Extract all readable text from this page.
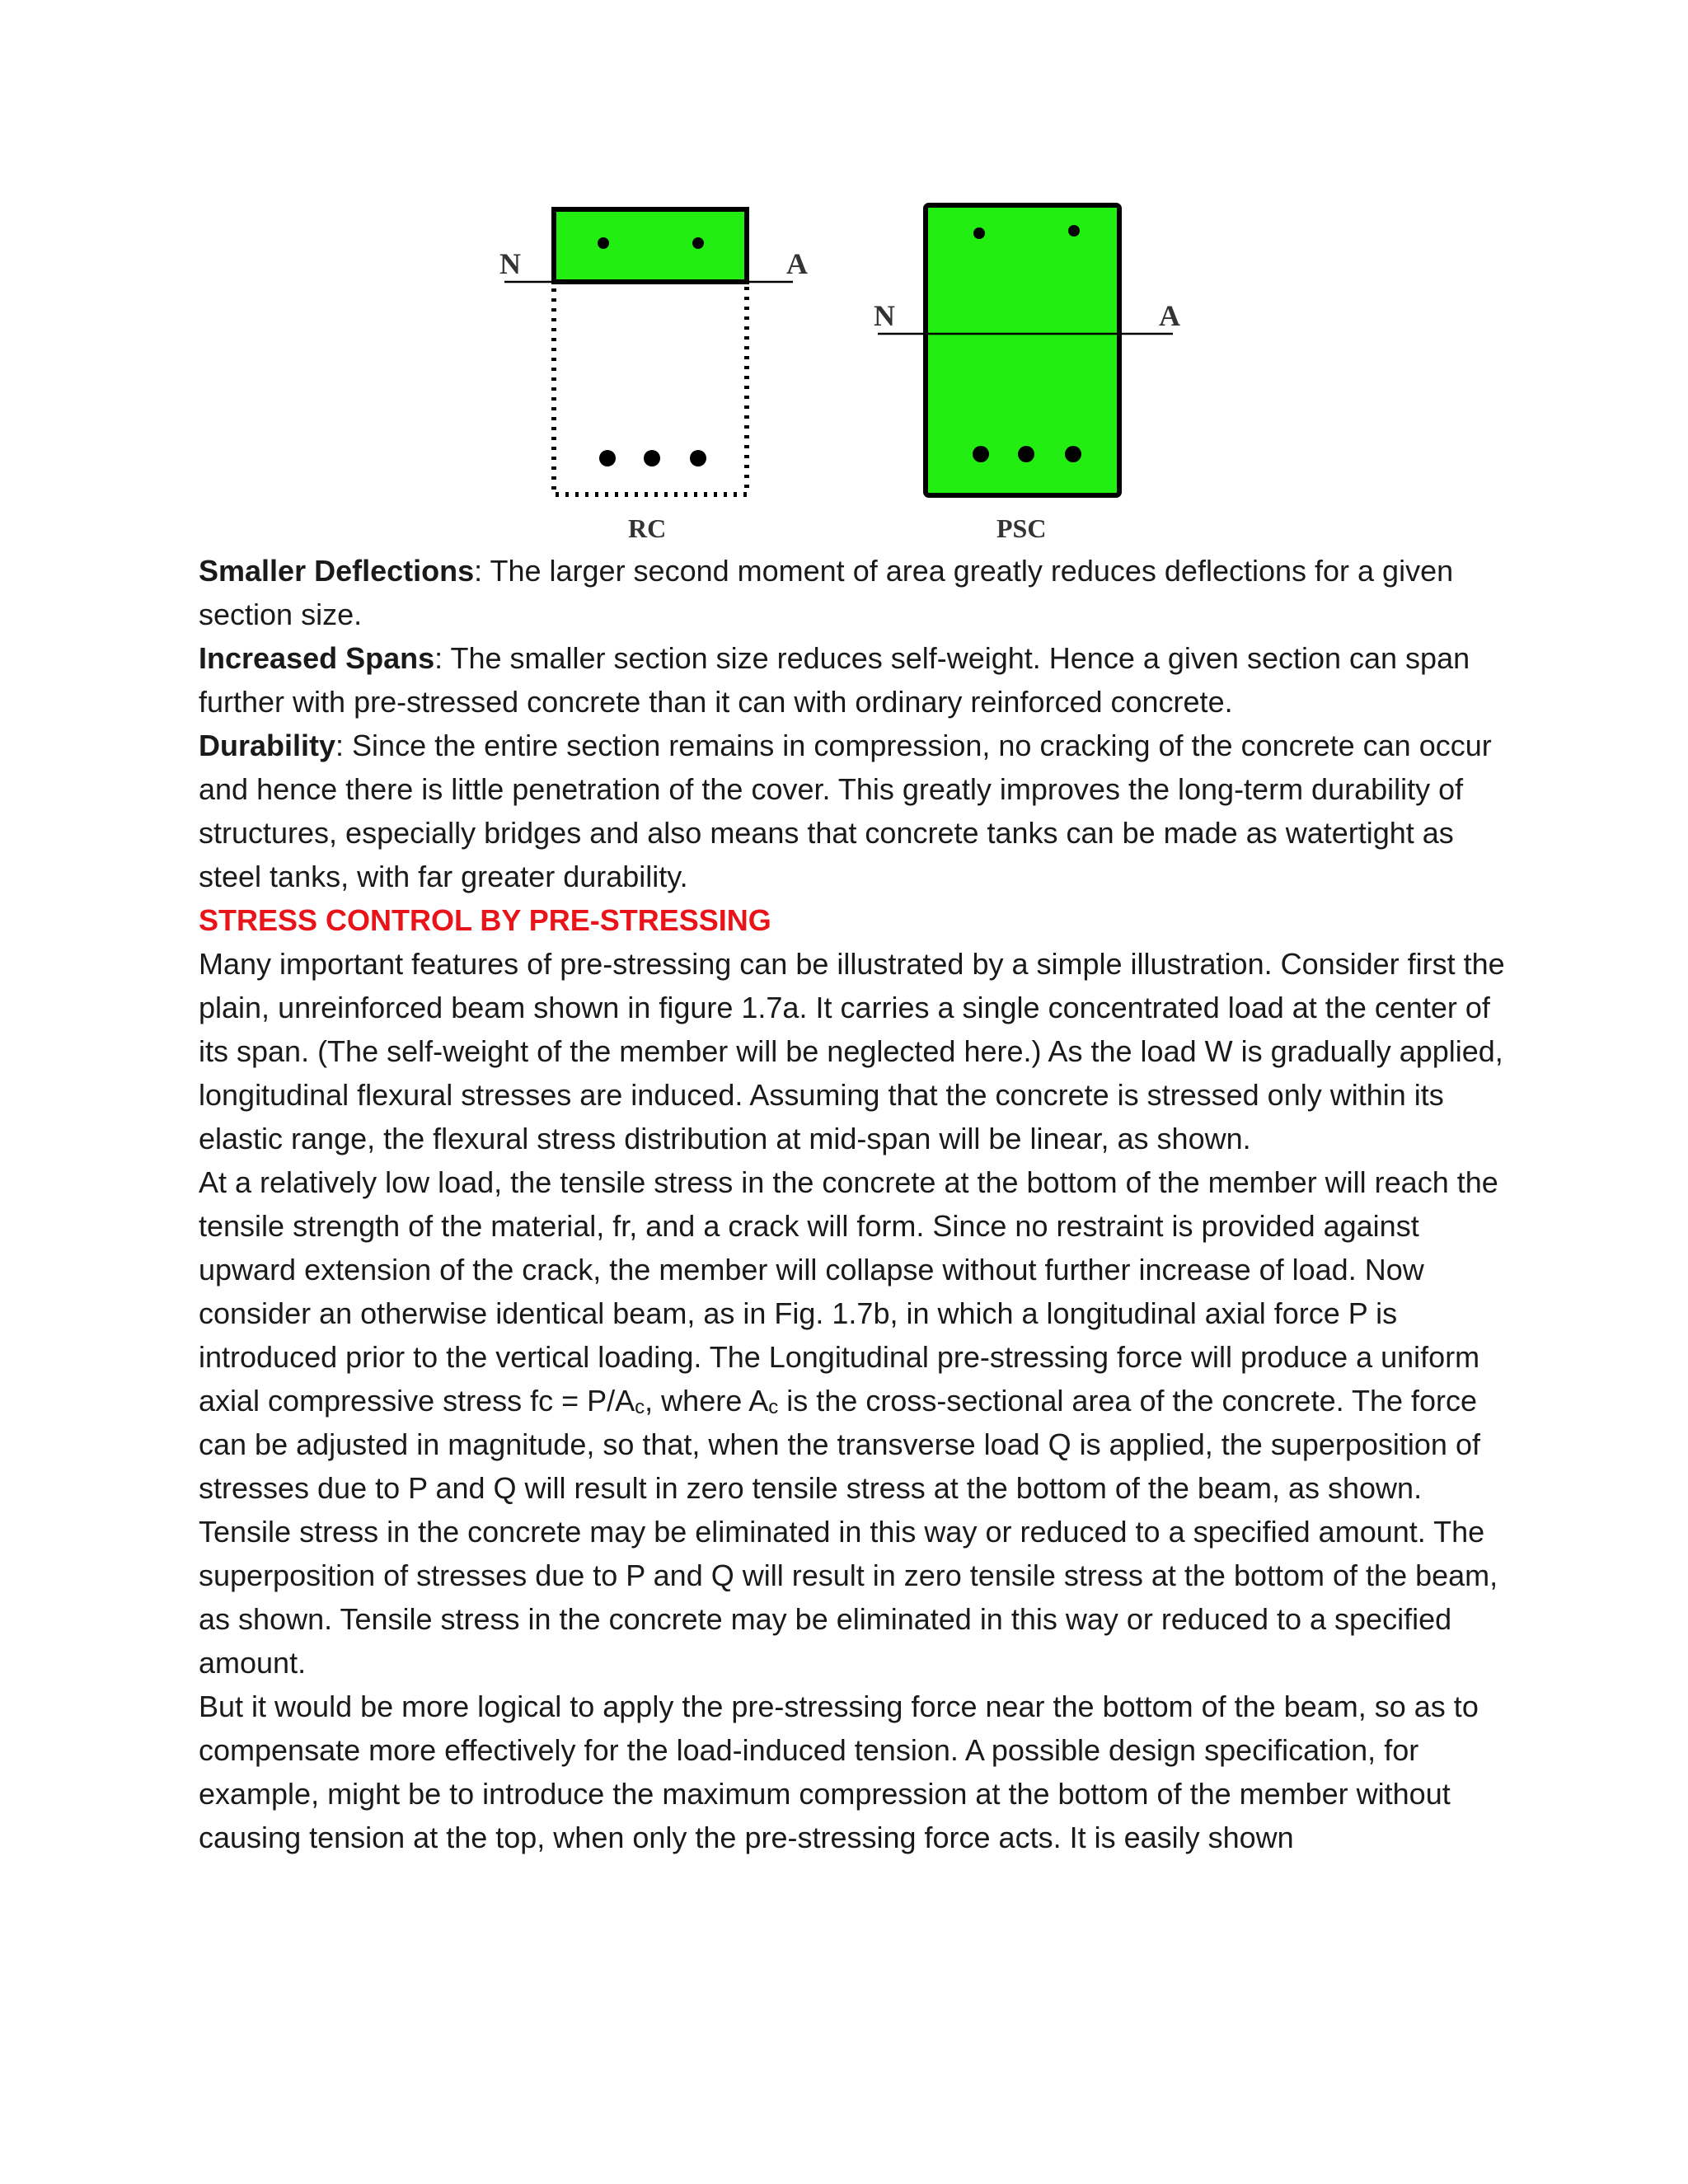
N	A
RC
N	A
PSC

Smaller Deflections: The larger second moment of area greatly reduces deflections for a given section size.

Increased Spans: The smaller section size reduces self-weight. Hence a given section can span further with pre-stressed concrete than it can with ordinary reinforced concrete.

Durability: Since the entire section remains in compression, no cracking of the concrete can occur and hence there is little penetration of the cover. This greatly improves the long-term durability of structures, especially bridges and also means that concrete tanks can be made as watertight as steel tanks, with far greater durability.

STRESS CONTROL BY PRE-STRESSING

Many important features of pre-stressing can be illustrated by a simple illustration. Consider first the plain, unreinforced beam shown in figure 1.7a. It carries a single concentrated load at the center of its span. (The self-weight of the member will be neglected here.) As the load W is gradually applied, longitudinal flexural stresses are induced. Assuming that the concrete is stressed only within its elastic range, the flexural stress distribution at mid-span will be linear, as shown.

At a relatively low load, the tensile stress in the concrete at the bottom of the member will reach the tensile strength of the material, fr, and a crack will form. Since no restraint is provided against upward extension of the crack, the member will collapse without further increase of load. Now consider an otherwise identical beam, as in Fig. 1.7b, in which a longitudinal axial force P is introduced prior to the vertical loading. The Longitudinal pre-stressing force will produce a uniform axial compressive stress fc = $P/A_c$, where $A_c$ is the cross-sectional area of the concrete. The force can be adjusted in magnitude, so that, when the transverse load Q is applied, the superposition of stresses due to P and Q will result in zero tensile stress at the bottom of the beam, as shown. Tensile stress in the concrete may be eliminated in this way or reduced to a specified amount. The superposition of stresses due to P and Q will result in zero tensile stress at the bottom of the beam, as shown. Tensile stress in the concrete may be eliminated in this way or reduced to a specified amount.

But it would be more logical to apply the pre-stressing force near the bottom of the beam, so as to compensate more effectively for the load-induced tension. A possible design specification, for example, might be to introduce the maximum compression at the bottom of the member without causing tension at the top, when only the pre-stressing force acts. It is easily shown
